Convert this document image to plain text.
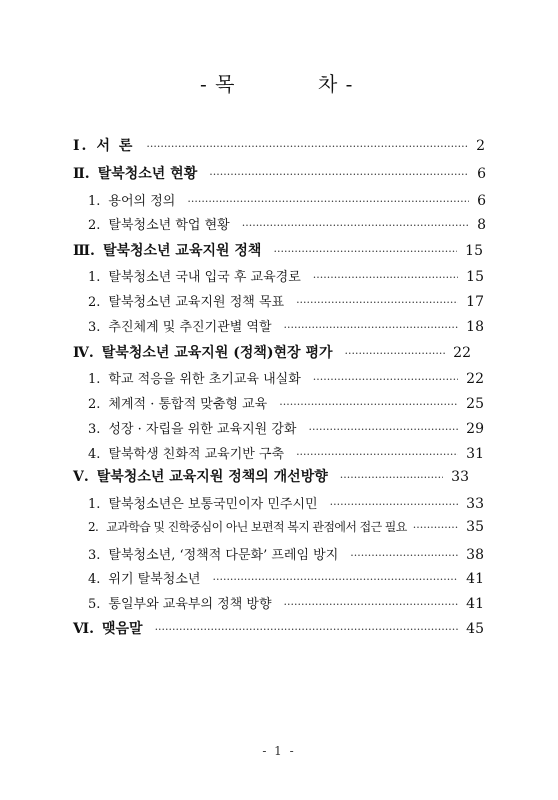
- 목	차 -
Ⅰ. 서 론 ·····	2
Ⅱ. 탈북청소년 현황 ·····	6
1. 용어의 정의 ·····	6
2. 탈북청소년 학업 현황 ·····	8
Ⅲ. 탈북청소년 교육지원 정책 ·····	15
1. 탈북청소년 국내 입국 후 교육경로 ·····	15
2. 탈북청소년 교육지원 정책 목표 ·····	17
3. 추진체계 및 추진기관별 역할 ·····	18
Ⅳ. 탈북청소년 교육지원 (정책)현장 평가 ·····	22
1. 학교 적응을 위한 초기교육 내실화 ·····	22
2. 체계적 · 통합적 맞춤형 교육 ·····	25
3. 성장 · 자립을 위한 교육지원 강화 ·····	29
4. 탈북학생 친화적 교육기반 구축 ·····	31
Ⅴ. 탈북청소년 교육지원 정책의 개선방향 ·····	33
1. 탈북청소년은 보통국민이자 민주시민 ·····	33
2. 교과학습 및 진학중심이 아닌 보편적 복지 관점에서 접근 필요 ·····	35
3. 탈북청소년, ‘정책적 다문화’ 프레임 방지 ·····	38
4. 위기 탈북청소년 ·····	41
5. 통일부와 교육부의 정책 방향 ·····	41
Ⅵ. 맺음말 ·····	45
- 1 -
